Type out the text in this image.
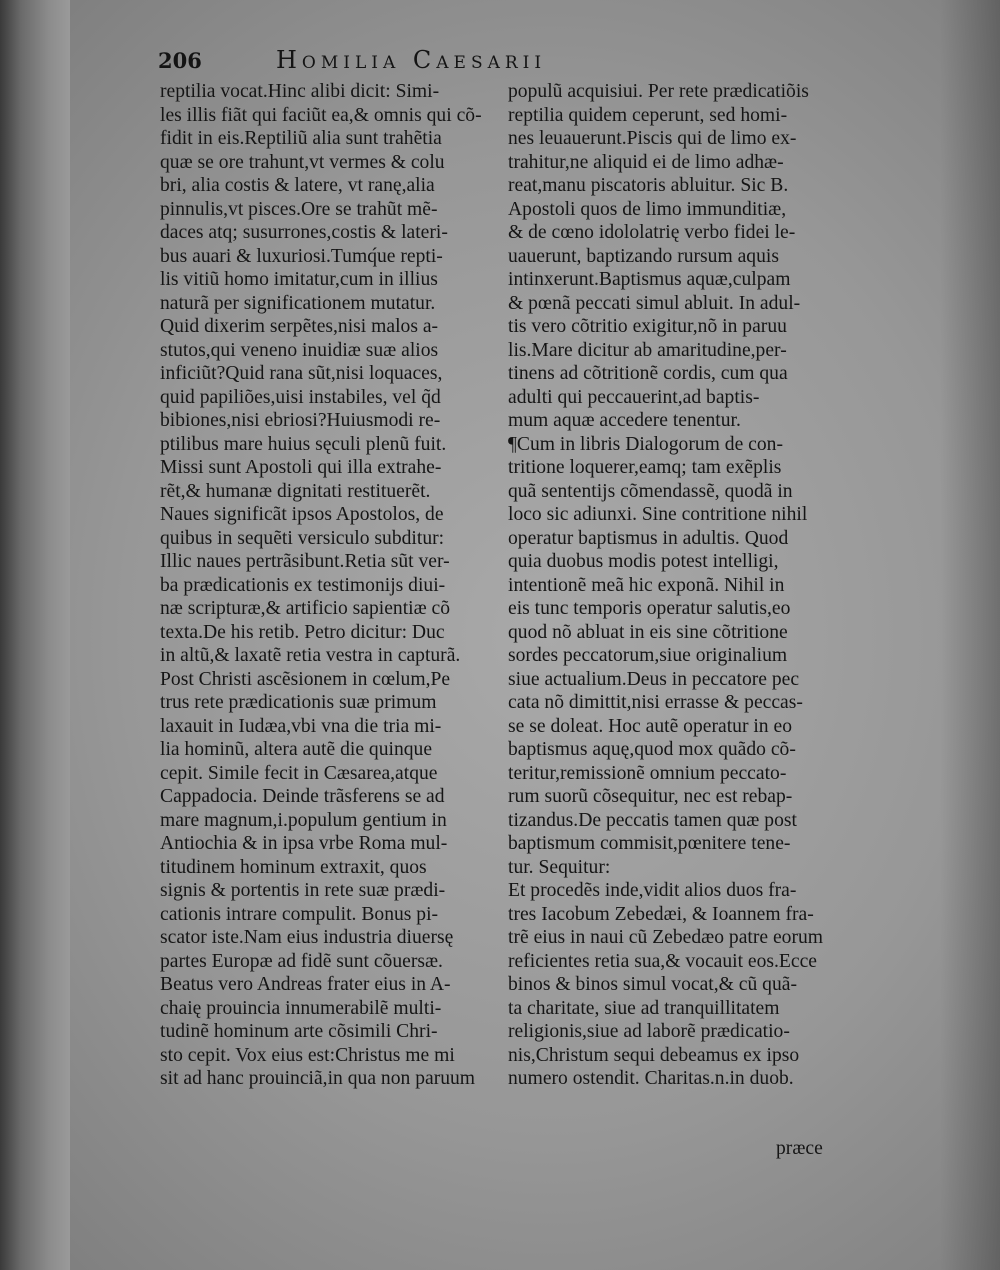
206	Homilia Caesarii
reptilia vocat.Hinc alibi dicit: Simi-
les illis fiãt qui faciũt ea,& omnis qui cõ-
fidit in eis.Reptiliũ alia sunt trahẽtia
quæ se ore trahunt,vt vermes & colu
bri, alia costis & latere, vt ranę,alia
pinnulis,vt pisces.Ore se trahũt mẽ-
daces atq; susurrones,costis & lateri-
bus auari & luxuriosi.Tumq́ue repti-
lis vitiũ homo imitatur,cum in illius
naturã per significationem mutatur.
Quid dixerim serpẽtes,nisi malos a-
stutos,qui veneno inuidiæ suæ alios
inficiũt?Quid rana sũt,nisi loquaces,
quid papiliões,uisi instabiles, vel q̃d
bibiones,nisi ebriosi?Huiusmodi re-
ptilibus mare huius sęculi plenũ fuit.
Missi sunt Apostoli qui illa extrahe-
rẽt,& humanæ dignitati restituerẽt.
Naues significãt ipsos Apostolos, de
quibus in sequẽti versiculo subditur:
Illic naues pertrãsibunt.Retia sũt ver-
ba prædicationis ex testimonijs diui-
næ scripturæ,& artificio sapientiæ cõ
texta.De his retib. Petro dicitur: Duc
in altũ,& laxatẽ retia vestra in capturã.
Post Christi ascẽsionem in cœlum,Pe
trus rete prædicationis suæ primum
laxauit in Iudæa,vbi vna die tria mi-
lia hominũ, altera autẽ die quinque
cepit. Simile fecit in Cæsarea,atque
Cappadocia. Deinde trãsferens se ad
mare magnum,i.populum gentium in
Antiochia & in ipsa vrbe Roma mul-
titudinem hominum extraxit, quos
signis & portentis in rete suæ prædi-
cationis intrare compulit. Bonus pi-
scator iste.Nam eius industria diuersę
partes Europæ ad fidẽ sunt cõuersæ.
Beatus vero Andreas frater eius in A-
chaię prouincia innumerabilẽ multi-
tudinẽ hominum arte cõsimili Chri-
sto cepit. Vox eius est:Christus me mi
sit ad hanc prouinciã,in qua non paruum
populũ acquisiui. Per rete prædicatiõis
reptilia quidem ceperunt, sed homi-
nes leuauerunt.Piscis qui de limo ex-
trahitur,ne aliquid ei de limo adhæ-
reat,manu piscatoris abluitur. Sic B.
Apostoli quos de limo immunditiæ,
& de cœno idololatrię verbo fidei le-
uauerunt, baptizando rursum aquis
intinxerunt.Baptismus aquæ,culpam
& pœnã peccati simul abluit. In adul-
tis vero cõtritio exigitur,nõ in paruu
lis.Mare dicitur ab amaritudine,per-
tinens ad cõtritionẽ cordis, cum qua
adulti qui peccauerint,ad baptis-
mum aquæ accedere tenentur.
¶Cum in libris Dialogorum de con-
tritione loquerer,eamq; tam exẽplis
quã sententijs cõmendassẽ, quodã in
loco sic adiunxi. Sine contritione nihil
operatur baptismus in adultis. Quod
quia duobus modis potest intelligi,
intentionẽ meã hic exponã. Nihil in
eis tunc temporis operatur salutis,eo
quod nõ abluat in eis sine cõtritione
sordes peccatorum,siue originalium
siue actualium.Deus in peccatore pec
cata nõ dimittit,nisi errasse & peccas-
se se doleat. Hoc autẽ operatur in eo
baptismus aquę,quod mox quãdo cõ-
teritur,remissionẽ omnium peccato-
rum suorũ cõsequitur, nec est rebap-
tizandus.De peccatis tamen quæ post
baptismum commisit,pœnitere tene-
tur. Sequitur:
Et procedẽs inde,vidit alios duos fra-
tres Iacobum Zebedæi, & Ioannem fra-
trẽ eius in naui cũ Zebedæo patre eorum
reficientes retia sua,& vocauit eos.Ecce
binos & binos simul vocat,& cũ quã-
ta charitate, siue ad tranquillitatem
religionis,siue ad laborẽ prædicatio-
nis,Christum sequi debeamus ex ipso
numero ostendit. Charitas.n.in duob.
præce
